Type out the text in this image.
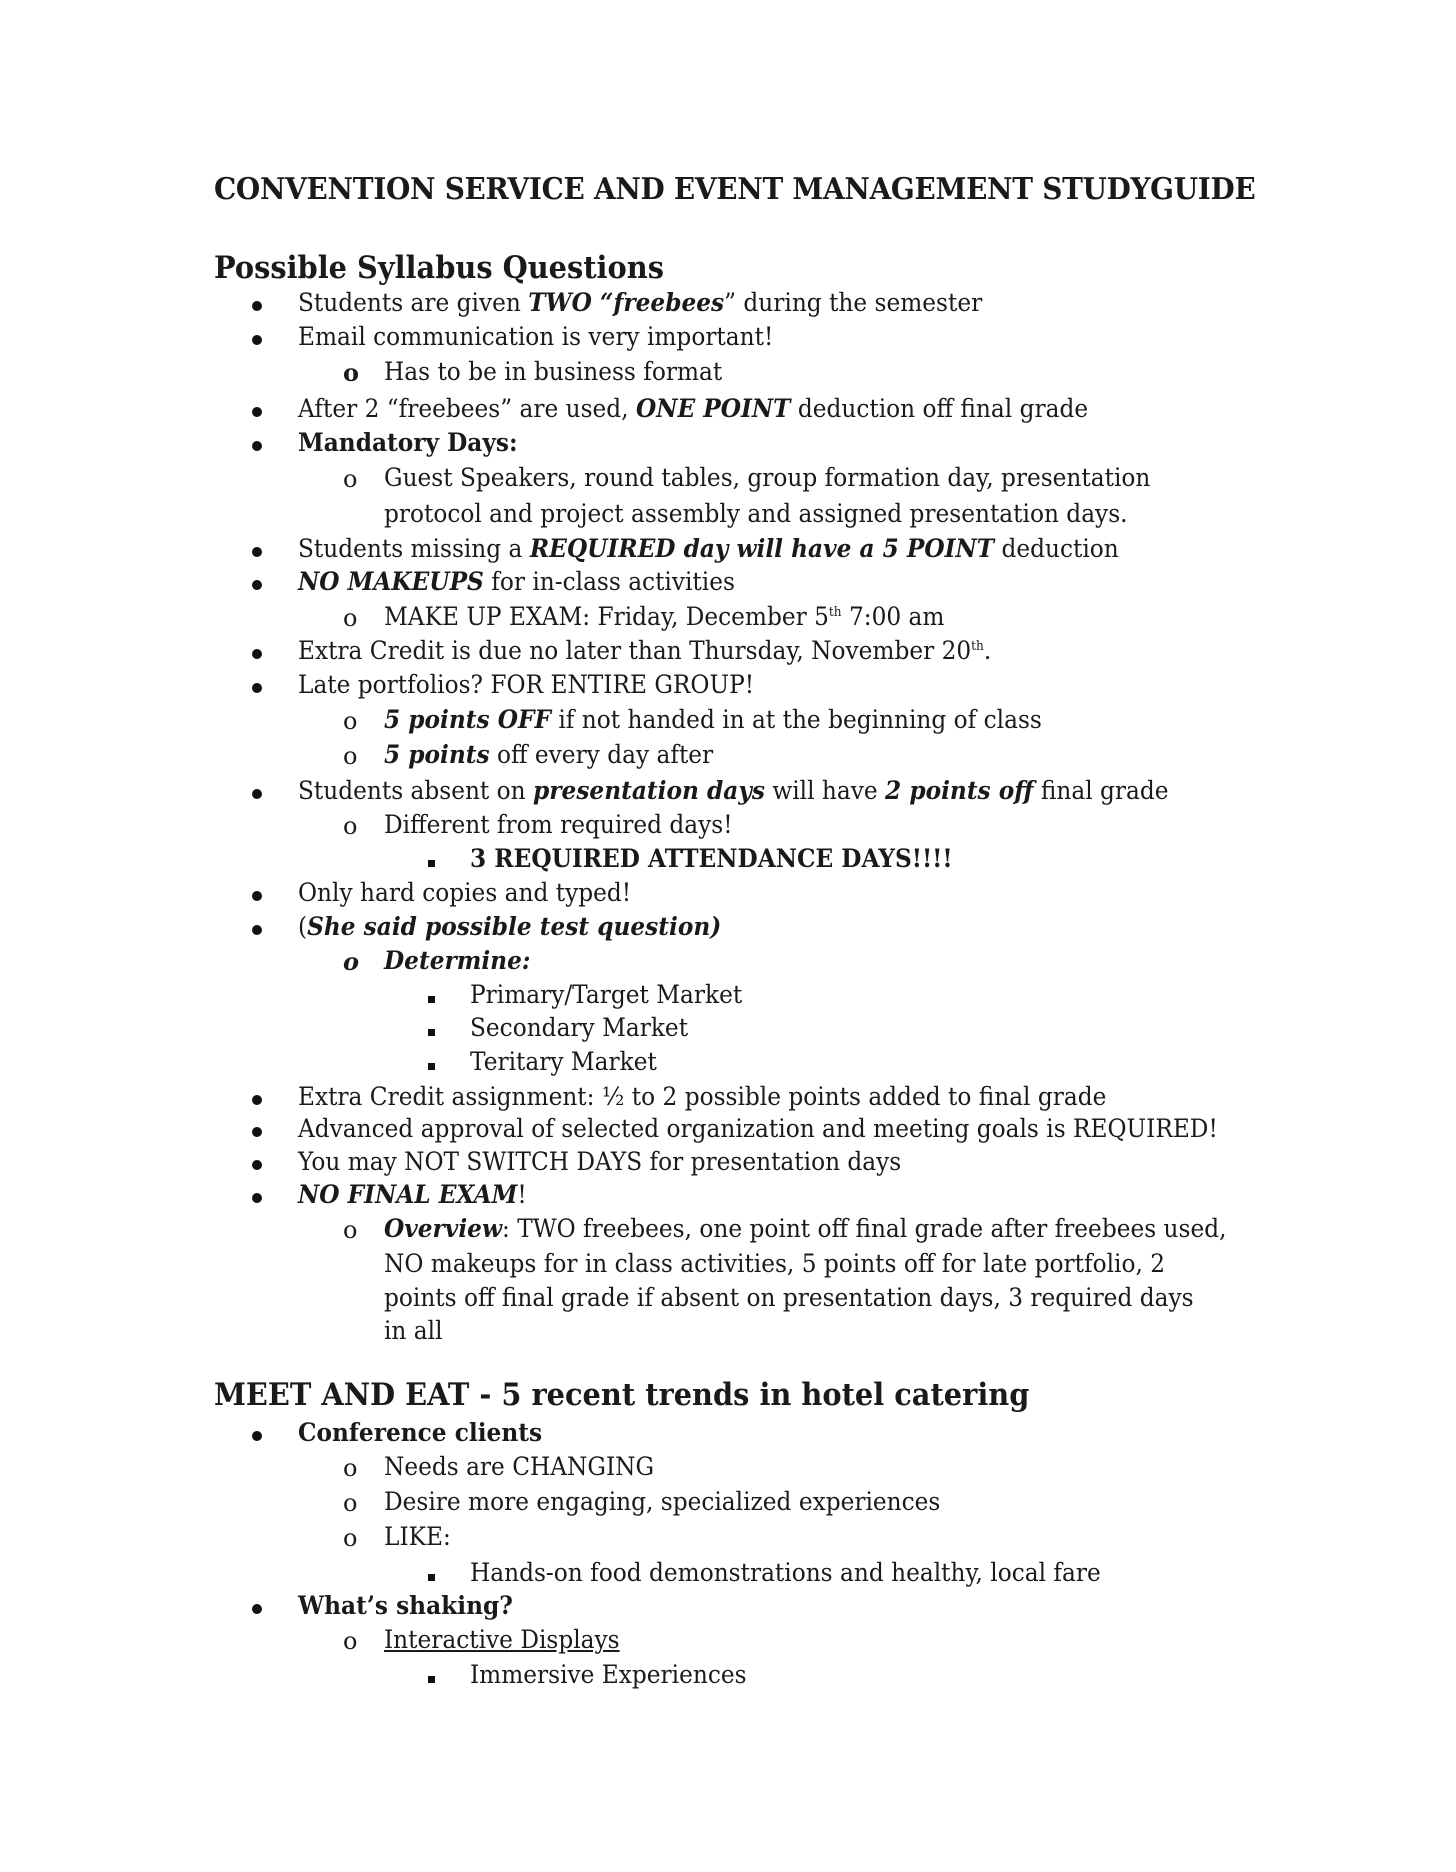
CONVENTION SERVICE AND EVENT MANAGEMENT STUDYGUIDE
Possible Syllabus Questions
Students are given TWO “freebees” during the semester
Email communication is very important!
o Has to be in business format
After 2 “freebees” are used, ONE POINT deduction off final grade
Mandatory Days:
o Guest Speakers, round tables, group formation day, presentation
protocol and project assembly and assigned presentation days.
Students missing a REQUIRED day will have a 5 POINT deduction
NO MAKEUPS for in-class activities
o MAKE UP EXAM: Friday, December 5th 7:00 am
Extra Credit is due no later than Thursday, November 20th.
Late portfolios? FOR ENTIRE GROUP!
o 5 points OFF if not handed in at the beginning of class
o 5 points off every day after
Students absent on presentation days will have 2 points off final grade
o Different from required days!
3 REQUIRED ATTENDANCE DAYS!!!!
Only hard copies and typed!
(She said possible test question)
o Determine:
Primary/Target Market
Secondary Market
Teritary Market
Extra Credit assignment: ½ to 2 possible points added to final grade
Advanced approval of selected organization and meeting goals is REQUIRED!
You may NOT SWITCH DAYS for presentation days
NO FINAL EXAM!
o Overview: TWO freebees, one point off final grade after freebees used,
NO makeups for in class activities, 5 points off for late portfolio, 2
points off final grade if absent on presentation days, 3 required days
in all
MEET AND EAT - 5 recent trends in hotel catering
Conference clients
o Needs are CHANGING
o Desire more engaging, specialized experiences
o LIKE:
Hands-on food demonstrations and healthy, local fare
What’s shaking?
o Interactive Displays
Immersive Experiences
